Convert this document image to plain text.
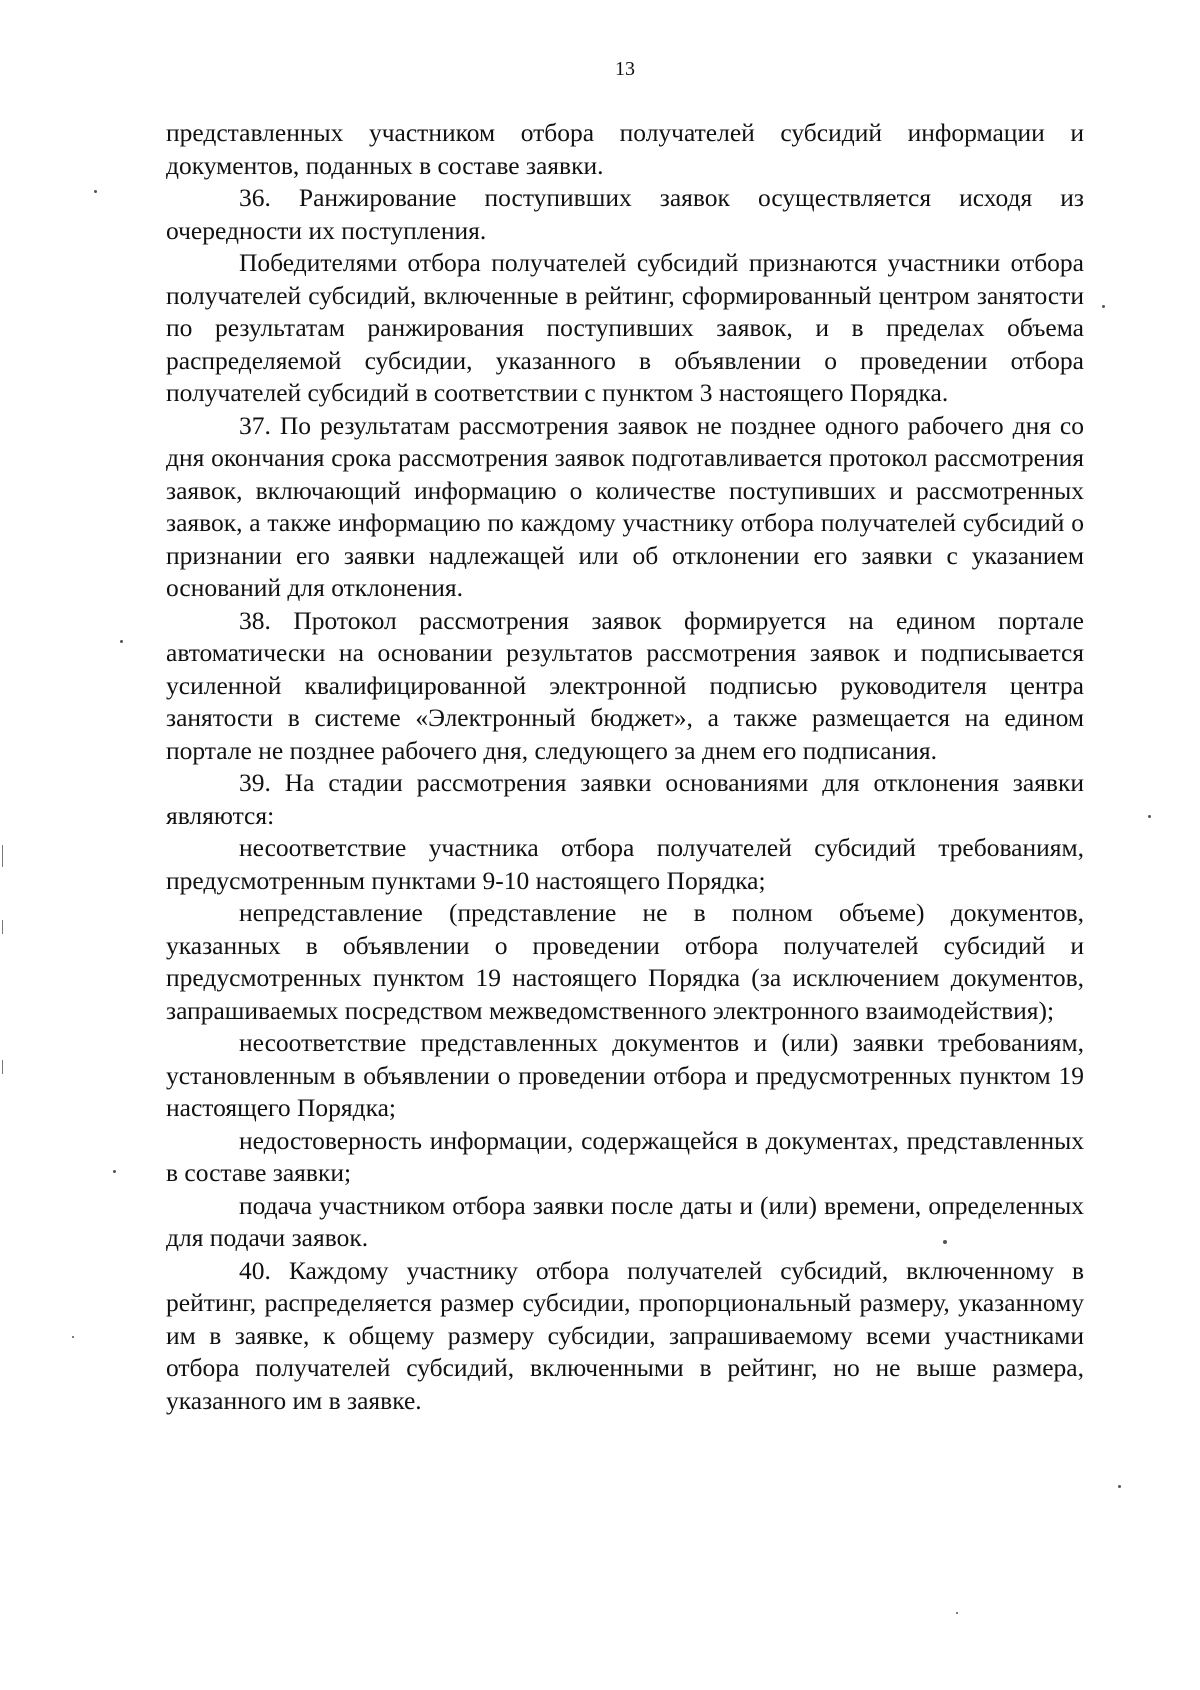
13

представленных участником отбора получателей субсидий информации и документов, поданных в составе заявки.

36. Ранжирование поступивших заявок осуществляется исходя из очередности их поступления.

Победителями отбора получателей субсидий признаются участники отбора получателей субсидий, включенные в рейтинг, сформированный центром занятости по результатам ранжирования поступивших заявок, и в пределах объема распределяемой субсидии, указанного в объявлении о проведении отбора получателей субсидий в соответствии с пунктом 3 настоящего Порядка.

37. По результатам рассмотрения заявок не позднее одного рабочего дня со дня окончания срока рассмотрения заявок подготавливается протокол рассмотрения заявок, включающий информацию о количестве поступивших и рассмотренных заявок, а также информацию по каждому участнику отбора получателей субсидий о признании его заявки надлежащей или об отклонении его заявки с указанием оснований для отклонения.

38. Протокол рассмотрения заявок формируется на едином портале автоматически на основании результатов рассмотрения заявок и подписывается усиленной квалифицированной электронной подписью руководителя центра занятости в системе «Электронный бюджет», а также размещается на едином портале не позднее рабочего дня, следующего за днем его подписания.

39. На стадии рассмотрения заявки основаниями для отклонения заявки являются:

несоответствие участника отбора получателей субсидий требованиям, предусмотренным пунктами 9-10 настоящего Порядка;

непредставление (представление не в полном объеме) документов, указанных в объявлении о проведении отбора получателей субсидий и предусмотренных пунктом 19 настоящего Порядка (за исключением документов, запрашиваемых посредством межведомственного электронного взаимодействия);

несоответствие представленных документов и (или) заявки требованиям, установленным в объявлении о проведении отбора и предусмотренных пунктом 19 настоящего Порядка;

недостоверность информации, содержащейся в документах, представленных в составе заявки;

подача участником отбора заявки после даты и (или) времени, определенных для подачи заявок.

40. Каждому участнику отбора получателей субсидий, включенному в рейтинг, распределяется размер субсидии, пропорциональный размеру, указанному им в заявке, к общему размеру субсидии, запрашиваемому всеми участниками отбора получателей субсидий, включенными в рейтинг, но не выше размера, указанного им в заявке.
